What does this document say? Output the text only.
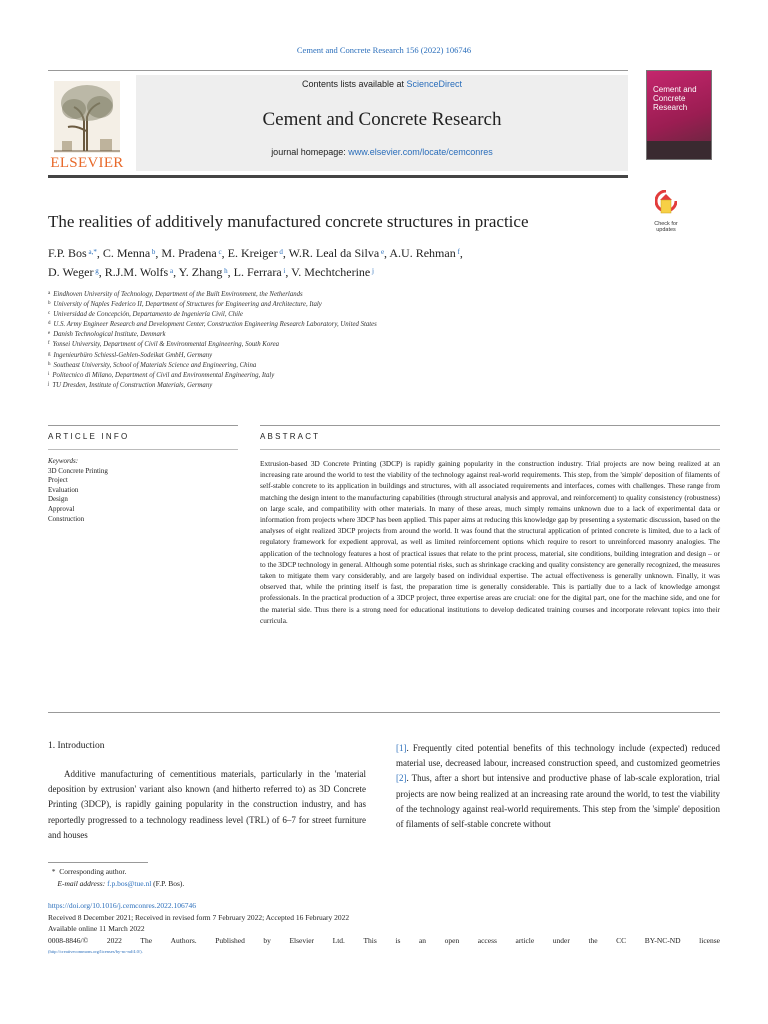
Cement and Concrete Research 156 (2022) 106746
ELSEVIER
Contents lists available at ScienceDirect
Cement and Concrete Research
journal homepage: www.elsevier.com/locate/cemconres
Cement and Concrete Research
Check for updates
The realities of additively manufactured concrete structures in practice
F.P. Bos $^{a,*}$, C. Menna $^b$, M. Pradena $^c$, E. Kreiger $^d$, W.R. Leal da Silva $^e$, A.U. Rehman $^f$,
D. Weger $^g$, R.J.M. Wolfs $^a$, Y. Zhang $^h$, L. Ferrara $^i$, V. Mechtcherine $^j$
$^a$ Eindhoven University of Technology, Department of the Built Environment, the Netherlands
$^b$ University of Naples Federico II, Department of Structures for Engineering and Architecture, Italy
$^c$ Universidad de Concepción, Departamento de Ingeniería Civil, Chile
$^d$ U.S. Army Engineer Research and Development Center, Construction Engineering Research Laboratory, United States
$^e$ Danish Technological Institute, Denmark
$^f$ Yonsei University, Department of Civil & Environmental Engineering, South Korea
$^g$ Ingenieurbüro Schiessl-Gehlen-Sodeikat GmbH, Germany
$^h$ Southeast University, School of Materials Science and Engineering, China
$^i$ Politecnico di Milano, Department of Civil and Environmental Engineering, Italy
$^j$ TU Dresden, Institute of Construction Materials, Germany
ARTICLE INFO	ABSTRACT
Keywords:
3D Concrete Printing
Project
Evaluation
Design
Approval
Construction
Extrusion-based 3D Concrete Printing (3DCP) is rapidly gaining popularity in the construction industry. Trial projects are now being realized at an increasing rate around the world to test the viability of the technology against real-world requirements. This step, from the 'simple' deposition of filaments of self-stable concrete to its application in buildings and structures, with all associated requirements and interfaces, comes with challenges. These range from matching the design intent to the manufacturing capabilities (through structural analysis and approval, and reinforcement) to quality consistency (robustness) on large scale, and compatibility with other materials. In many of these areas, much simply remains unknown due to a lack of experimental data or information from projects where 3DCP has been applied. This paper aims at reducing this knowledge gap by presenting a systematic discussion, based on the analyses of eight realized 3DCP projects from around the world. It was found that the structural application of printed concrete is limited, due to a lack of regulatory framework for expedient approval, as well as limited reinforcement options which require to resort to unreinforced masonry analogies. The application of the technology features a host of practical issues that relate to the print process, material, site conditions, building integration and design – or to the 3DCP technology in general. Although some potential risks, such as shrinkage cracking and quality consistency are generally recognized, the measures taken to mitigate them vary considerably, and are largely based on individual expertise. The actual effectiveness is generally unknown. Finally, it was observed that, while the printing itself is fast, the preparation time is generally considerable. This is partially due to a lack of knowledge amongst professionals. In the practical production of a 3DCP project, three expertise areas are crucial: one for the digital part, one for the machine side, and one for the material side. Thus there is a strong need for educational institutions to develop dedicated training courses and incorporate relevant topics into their curricula.
1. Introduction
Additive manufacturing of cementitious materials, particularly in the 'material deposition by extrusion' variant also known (and hitherto referred to) as 3D Concrete Printing (3DCP), is rapidly gaining popularity in the construction industry, and has reportedly progressed to a technology readiness level (TRL) of 6–7 for street furniture and houses
[1]. Frequently cited potential benefits of this technology include (expected) reduced material use, decreased labour, increased construction speed, and customized geometries [2]. Thus, after a short but intensive and productive phase of lab-scale exploration, trial projects are now being realized at an increasing rate around the world, to test the viability of the technology against real-world requirements. This step from the 'simple' deposition of filaments of self-stable concrete without
* Corresponding author.
E-mail address: f.p.bos@tue.nl (F.P. Bos).
https://doi.org/10.1016/j.cemconres.2022.106746
Received 8 December 2021; Received in revised form 7 February 2022; Accepted 16 February 2022
Available online 11 March 2022
0008-8846/© 2022 The Authors. Published by Elsevier Ltd. This is an open access article under the CC BY-NC-ND license
(http://creativecommons.org/licenses/by-nc-nd/4.0/).
